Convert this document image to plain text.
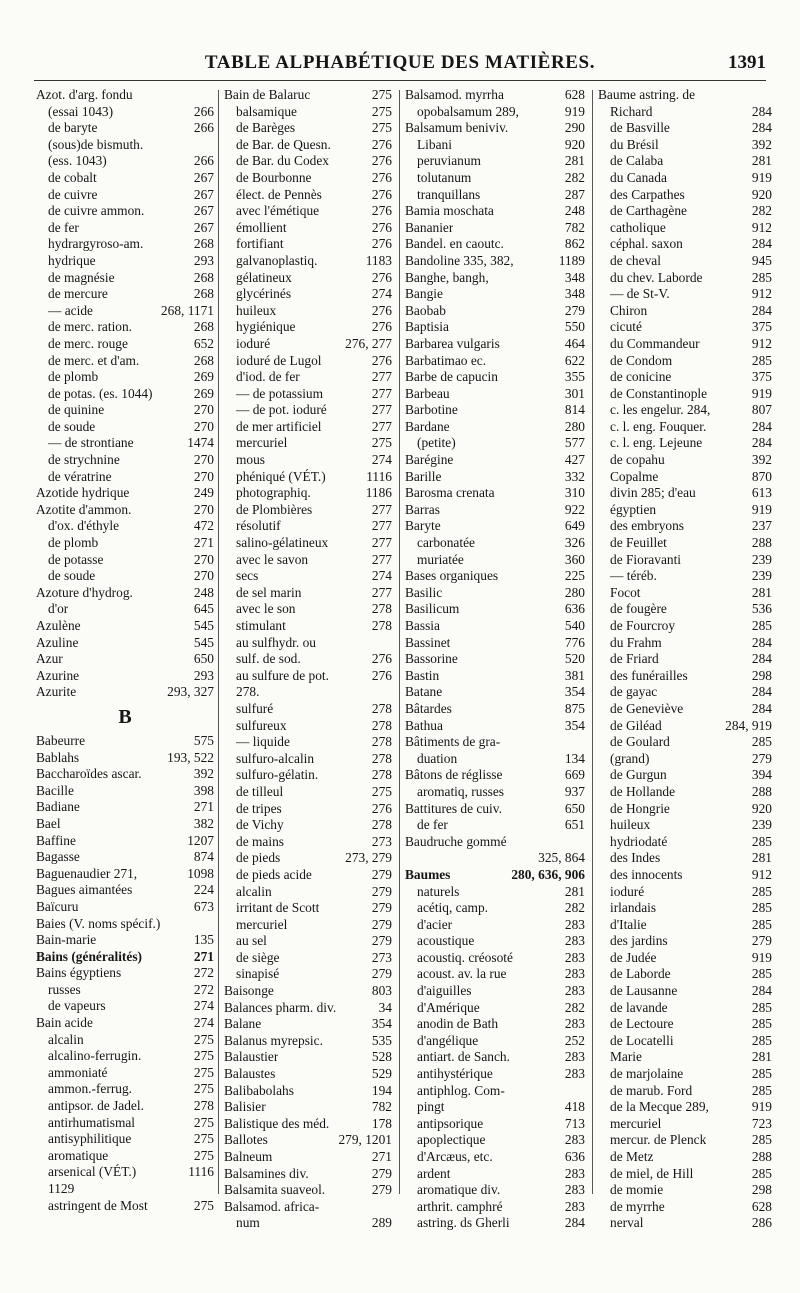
TABLE ALPHABÉTIQUE DES MATIÈRES.	1391
Azot. d'arg. fondu
(essai 1043)	266
de baryte	266
(sous)de bismuth.
(ess. 1043)	266
de cobalt	267
de cuivre	267
de cuivre ammon.	267
de fer	267
hydrargyroso-am.	268
hydrique	293
de magnésie	268
de mercure	268
— acide	268, 1171
de merc. ration.	268
de merc. rouge	652
de merc. et d'am.	268
de plomb	269
de potas. (es. 1044)	269
de quinine	270
de soude	270
— de strontiane	1474
de strychnine	270
de vératrine	270
Azotide hydrique	249
Azotite d'ammon.	270
d'ox. d'éthyle	472
de plomb	271
de potasse	270
de soude	270
Azoture d'hydrog.	248
d'or	645
Azulène	545
Azuline	545
Azur	650
Azurine	293
Azurite	293, 327
B
Babeurre	575
Bablahs	193, 522
Baccharoïdes ascar.	392
Bacille	398
Badiane	271
Bael	382
Baffine	1207
Bagasse	874
Baguenaudier 271,	1098
Bagues aimantées	224
Baïcuru	673
Baies (V. noms spécif.)
Bain-marie	135
Bains (généralités)	271
Bains égyptiens	272
russes	272
de vapeurs	274
Bain acide	274
alcalin	275
alcalino-ferrugin.	275
ammoniaté	275
ammon.-ferrug.	275
antipsor. de Jadel.	278
antirhumatismal	275
antisyphilitique	275
aromatique	275
arsenical (VÉT.)	1116
1129
astringent de Most	275
Bain de Balaruc	275
balsamique	275
de Barèges	275
de Bar. de Quesn.	276
de Bar. du Codex	276
de Bourbonne	276
élect. de Pennès	276
avec l'émétique	276
émollient	276
fortifiant	276
galvanoplastiq.	1183
gélatineux	276
glycérinés	274
huileux	276
hygiénique	276
ioduré	276, 277
ioduré de Lugol	276
d'iod. de fer	277
— de potassium	277
— de pot. ioduré	277
de mer artificiel	277
mercuriel	275
mous	274
phéniqué (VÉT.)	1116
photographiq.	1186
de Plombières	277
résolutif	277
salino-gélatineux	277
avec le savon	277
secs	274
de sel marin	277
avec le son	278
stimulant	278
au sulfhydr. ou
sulf. de sod.	276
au sulfure de pot.	276
278.
sulfuré	278
sulfureux	278
— liquide	278
sulfuro-alcalin	278
sulfuro-gélatin.	278
de tilleul	275
de tripes	276
de Vichy	278
de mains	273
de pieds	273, 279
de pieds acide	279
alcalin	279
irritant de Scott	279
mercuriel	279
au sel	279
de siège	273
sinapisé	279
Baisonge	803
Balances pharm. div.	34
Balane	354
Balanus myrepsic.	535
Balaustier	528
Balaustes	529
Balibabolahs	194
Balisier	782
Balistique des méd.	178
Ballotes	279, 1201
Balneum	271
Balsamines div.	279
Balsamita suaveol.	279
Balsamod. africa-
num	289
Balsamod. myrrha	628
opobalsamum 289,	919
Balsamum beniviv.	290
Libani	920
peruvianum	281
tolutanum	282
tranquillans	287
Bamia moschata	248
Bananier	782
Bandel. en caoutc.	862
Bandoline 335, 382,	1189
Banghe, bangh,	348
Bangie	348
Baobab	279
Baptisia	550
Barbarea vulgaris	464
Barbatimao ec.	622
Barbe de capucin	355
Barbeau	301
Barbotine	814
Bardane	280
(petite)	577
Barégine	427
Barille	332
Barosma crenata	310
Barras	922
Baryte	649
carbonatée	326
muriatée	360
Bases organiques	225
Basilic	280
Basilicum	636
Bassia	540
Bassinet	776
Bassorine	520
Bastin	381
Batane	354
Bâtardes	875
Bathua	354
Bâtiments de gra-
duation	134
Bâtons de réglisse	669
aromatiq, russes	937
Battitures de cuiv.	650
de fer	651
Baudruche gommé
325, 864
Baumes	280, 636, 906
naturels	281
acétiq, camp.	282
d'acier	283
acoustique	283
acoustiq. créosoté	283
acoust. av. la rue	283
d'aiguilles	283
d'Amérique	282
anodin de Bath	283
d'angélique	252
antiart. de Sanch.	283
antihystérique	283
antiphlog. Com-
pingt	418
antipsorique	713
apoplectique	283
d'Arcæus, etc.	636
ardent	283
aromatique div.	283
arthrit. camphré	283
astring. ds Gherli	284
Baume astring. de
Richard	284
de Basville	284
du Brésil	392
de Calaba	281
du Canada	919
des Carpathes	920
de Carthagène	282
catholique	912
céphal. saxon	284
de cheval	945
du chev. Laborde	285
— de St-V.	912
Chiron	284
cicuté	375
du Commandeur	912
de Condom	285
de conicine	375
de Constantinople	919
c. les engelur. 284,	807
c. l. eng. Fouquer.	284
c. l. eng. Lejeune	284
de copahu	392
Copalme	870
divin 285; d'eau	613
égyptien	919
des embryons	237
de Feuillet	288
de Fioravanti	239
— téréb.	239
Focot	281
de fougère	536
de Fourcroy	285
du Frahm	284
de Friard	284
des funérailles	298
de gayac	284
de Geneviève	284
de Giléad	284, 919
de Goulard	285
(grand)	279
de Gurgun	394
de Hollande	288
de Hongrie	920
huileux	239
hydriodaté	285
des Indes	281
des innocents	912
ioduré	285
irlandais	285
d'Italie	285
des jardins	279
de Judée	919
de Laborde	285
de Lausanne	284
de lavande	285
de Lectoure	285
de Locatelli	285
Marie	281
de marjolaine	285
de marub. Ford	285
de la Mecque 289,	919
mercuriel	723
mercur. de Plenck	285
de Metz	288
de miel, de Hill	285
de momie	298
de myrrhe	628
nerval	286
